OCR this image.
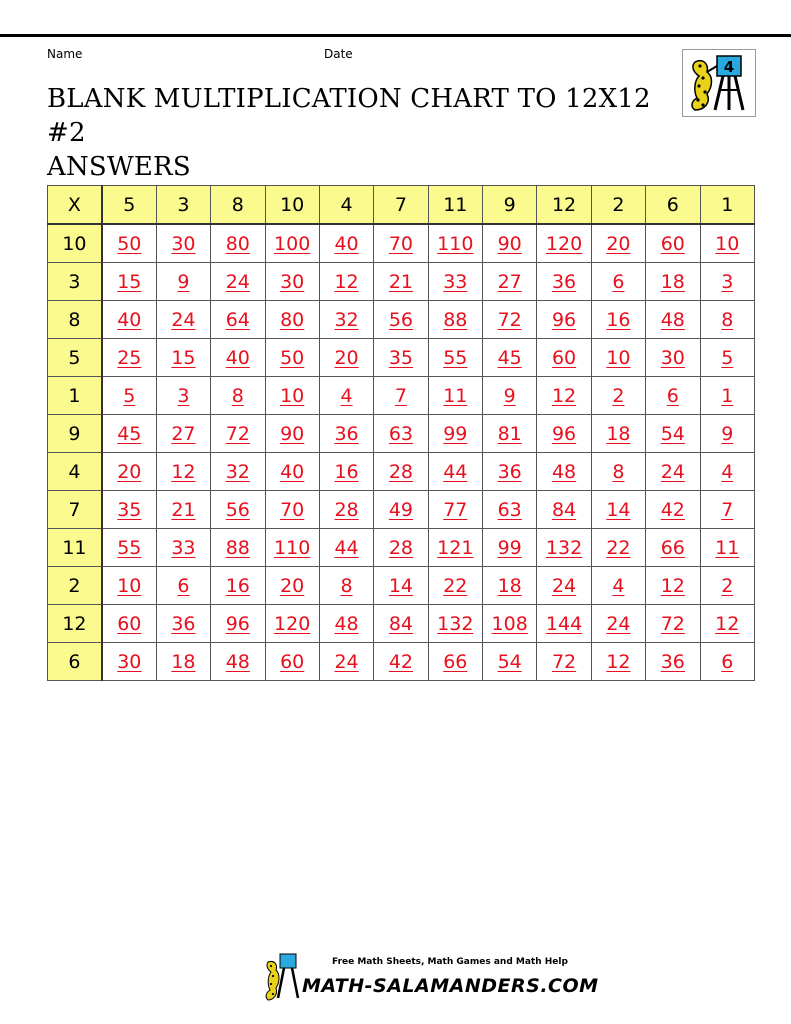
Name	Date
BLANK MULTIPLICATION CHART TO 12X12 #2
ANSWERS
4
X	5	3	8	10	4	7	11	9	12	2	6	1
10	50	30	80	100	40	70	110	90	120	20	60	10
3	15	9	24	30	12	21	33	27	36	6	18	3
8	40	24	64	80	32	56	88	72	96	16	48	8
5	25	15	40	50	20	35	55	45	60	10	30	5
1	5	3	8	10	4	7	11	9	12	2	6	1
9	45	27	72	90	36	63	99	81	96	18	54	9
4	20	12	32	40	16	28	44	36	48	8	24	4
7	35	21	56	70	28	49	77	63	84	14	42	7
11	55	33	88	110	44	28	121	99	132	22	66	11
2	10	6	16	20	8	14	22	18	24	4	12	2
12	60	36	96	120	48	84	132	108	144	24	72	12
6	30	18	48	60	24	42	66	54	72	12	36	6
Free Math Sheets, Math Games and Math Help
MATH-SALAMANDERS.COM
